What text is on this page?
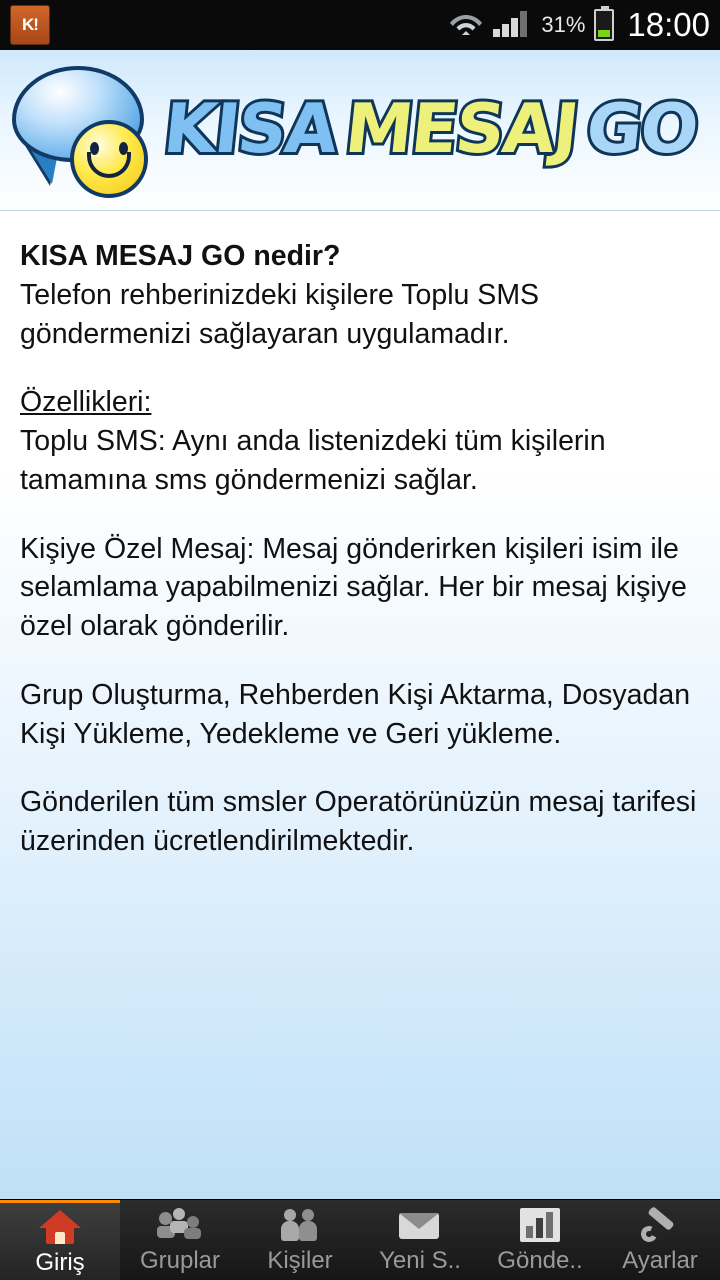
K!	31% 18:00
KISA MESAJ GO

KISA MESAJ GO nedir?

Telefon rehberinizdeki kişilere Toplu SMS göndermenizi sağlayaran uygulamadır.

Özellikleri:

Toplu SMS: Aynı anda listenizdeki tüm kişilerin tamamına sms göndermenizi sağlar.

Kişiye Özel Mesaj: Mesaj gönderirken kişileri isim ile selamlama yapabilmenizi sağlar. Her bir mesaj kişiye özel olarak gönderilir.

Grup Oluşturma, Rehberden Kişi Aktarma, Dosyadan Kişi Yükleme, Yedekleme ve Geri yükleme.

Gönderilen tüm smsler Operatörünüzün mesaj tarifesi üzerinden ücretlendirilmektedir.

Giriş Gruplar Kişiler Yeni S.. Gönde.. Ayarlar
